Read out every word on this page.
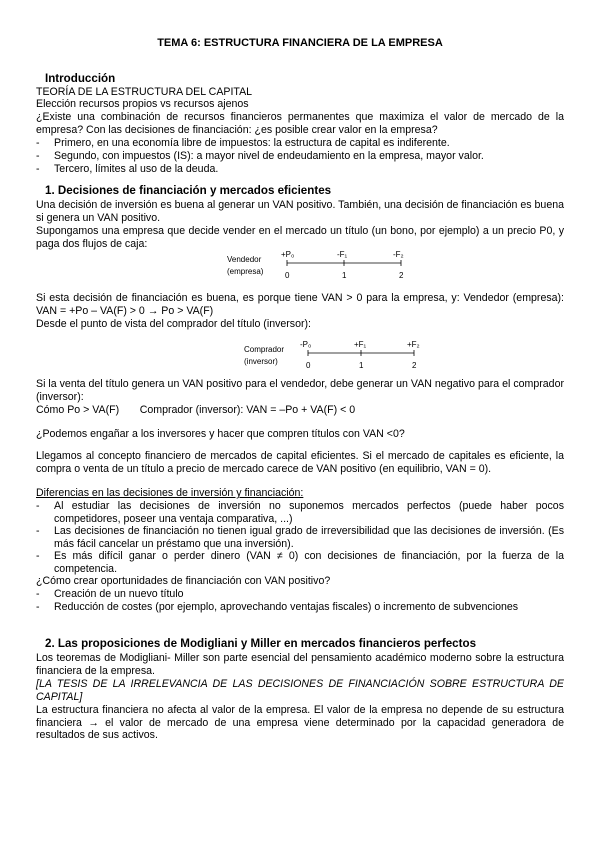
TEMA 6: ESTRUCTURA FINANCIERA DE LA EMPRESA
Introducción
TEORÍA DE LA ESTRUCTURA DEL CAPITAL
Elección recursos propios vs recursos ajenos
¿Existe una combinación de recursos financieros permanentes que maximiza el valor de mercado de la empresa? Con las decisiones de financiación: ¿es posible crear valor en la empresa?
- Primero, en una economía libre de impuestos: la estructura de capital es indiferente.
- Segundo, con impuestos (IS): a mayor nivel de endeudamiento en la empresa, mayor valor.
- Tercero, límites al uso de la deuda.
1. Decisiones de financiación y mercados eficientes
Una decisión de inversión es buena al generar un VAN positivo. También, una decisión de financiación es buena si genera un VAN positivo.
Supongamos una empresa que decide vender en el mercado un título (un bono, por ejemplo) a un precio P0, y paga dos flujos de caja:
Vendedor
(empresa)
+P₀	-F₁	-F₂
0	1	2
Si esta decisión de financiación es buena, es porque tiene VAN > 0 para la empresa, y: Vendedor (empresa): VAN = +Po – VA(F) > 0 → Po > VA(F)
Desde el punto de vista del comprador del título (inversor):
Comprador
(inversor)
-P₀	+F₁	+F₂
0	1	2
Si la venta del título genera un VAN positivo para el vendedor, debe generar un VAN negativo para el comprador (inversor):
Cómo Po > VA(F)       Comprador (inversor): VAN = –Po + VA(F) < 0
¿Podemos engañar a los inversores y hacer que compren títulos con VAN <0?
Llegamos al concepto financiero de mercados de capital eficientes. Si el mercado de capitales es eficiente, la compra o venta de un título a precio de mercado carece de VAN positivo (en equilibrio, VAN = 0).
Diferencias en las decisiones de inversión y financiación:
- Al estudiar las decisiones de inversión no suponemos mercados perfectos (puede haber pocos competidores, poseer una ventaja comparativa, ...)
- Las decisiones de financiación no tienen igual grado de irreversibilidad que las decisiones de inversión. (Es más fácil cancelar un préstamo que una inversión).
- Es más difícil ganar o perder dinero (VAN ≠ 0) con decisiones de financiación, por la fuerza de la competencia.
¿Cómo crear oportunidades de financiación con VAN positivo?
- Creación de un nuevo título
- Reducción de costes (por ejemplo, aprovechando ventajas fiscales) o incremento de subvenciones
2. Las proposiciones de Modigliani y Miller en mercados financieros perfectos
Los teoremas de Modigliani- Miller son parte esencial del pensamiento académico moderno sobre la estructura financiera de la empresa.
[LA TESIS DE LA IRRELEVANCIA DE LAS DECISIONES DE FINANCIACIÓN SOBRE ESTRUCTURA DE CAPITAL]
La estructura financiera no afecta al valor de la empresa. El valor de la empresa no depende de su estructura financiera → el valor de mercado de una empresa viene determinado por la capacidad generadora de resultados de sus activos.
